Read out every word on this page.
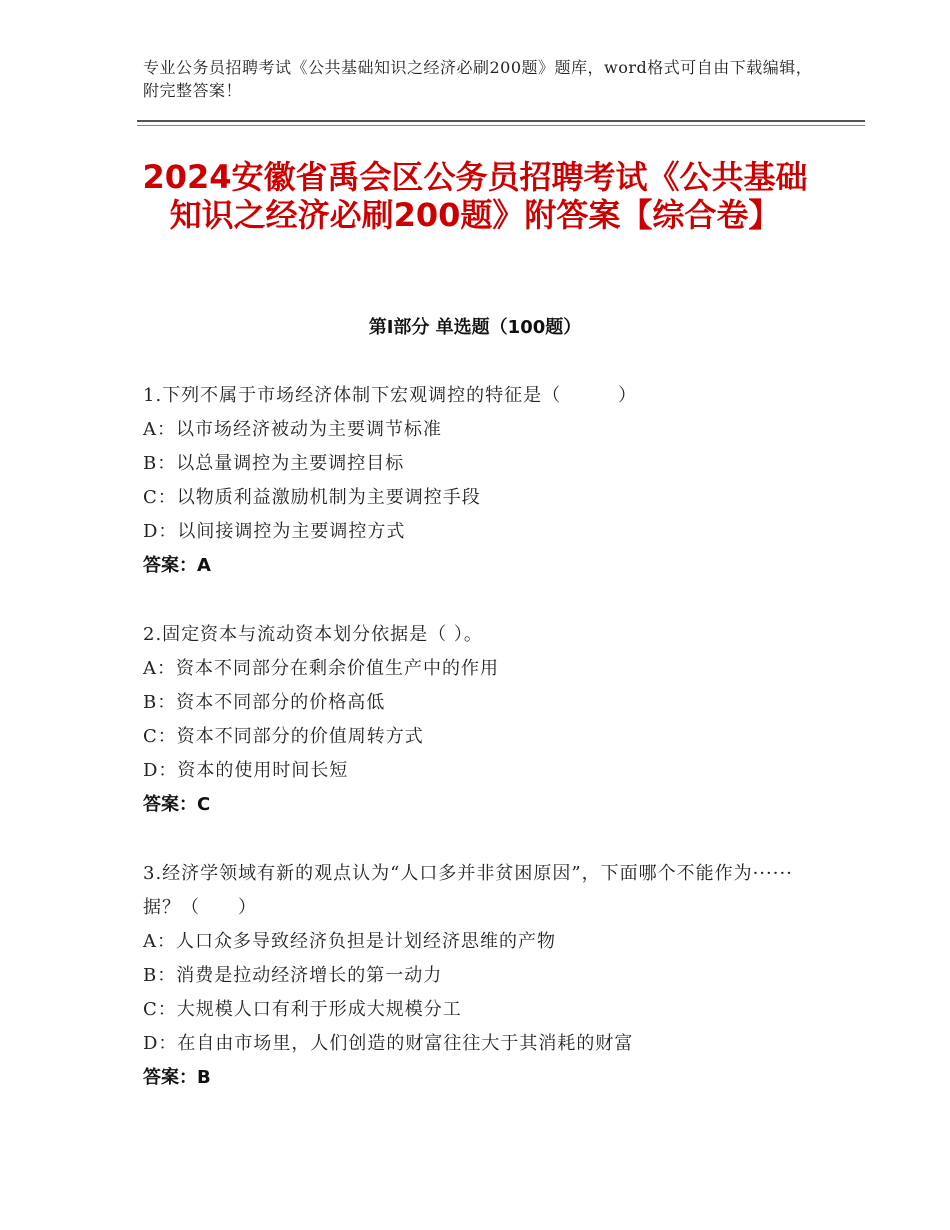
专业公务员招聘考试《公共基础知识之经济必刷200题》题库，word格式可自由下载编辑，附完整答案！
2024安徽省禹会区公务员招聘考试《公共基础知识之经济必刷200题》附答案【综合卷】
第Ⅰ部分 单选题（100题）
1.下列不属于市场经济体制下宏观调控的特征是（　　　）
A：以市场经济被动为主要调节标准
B：以总量调控为主要调控目标
C：以物质利益激励机制为主要调控手段
D：以间接调控为主要调控方式
答案：A
2.固定资本与流动资本划分依据是（ ）。
A：资本不同部分在剩余价值生产中的作用
B：资本不同部分的价格高低
C：资本不同部分的价值周转方式
D：资本的使用时间长短
答案：C
3.经济学领域有新的观点认为“人口多并非贫困原因”，下面哪个不能作为······据？（　　）
A：人口众多导致经济负担是计划经济思维的产物
B：消费是拉动经济增长的第一动力
C：大规模人口有利于形成大规模分工
D：在自由市场里，人们创造的财富往往大于其消耗的财富
答案：B
